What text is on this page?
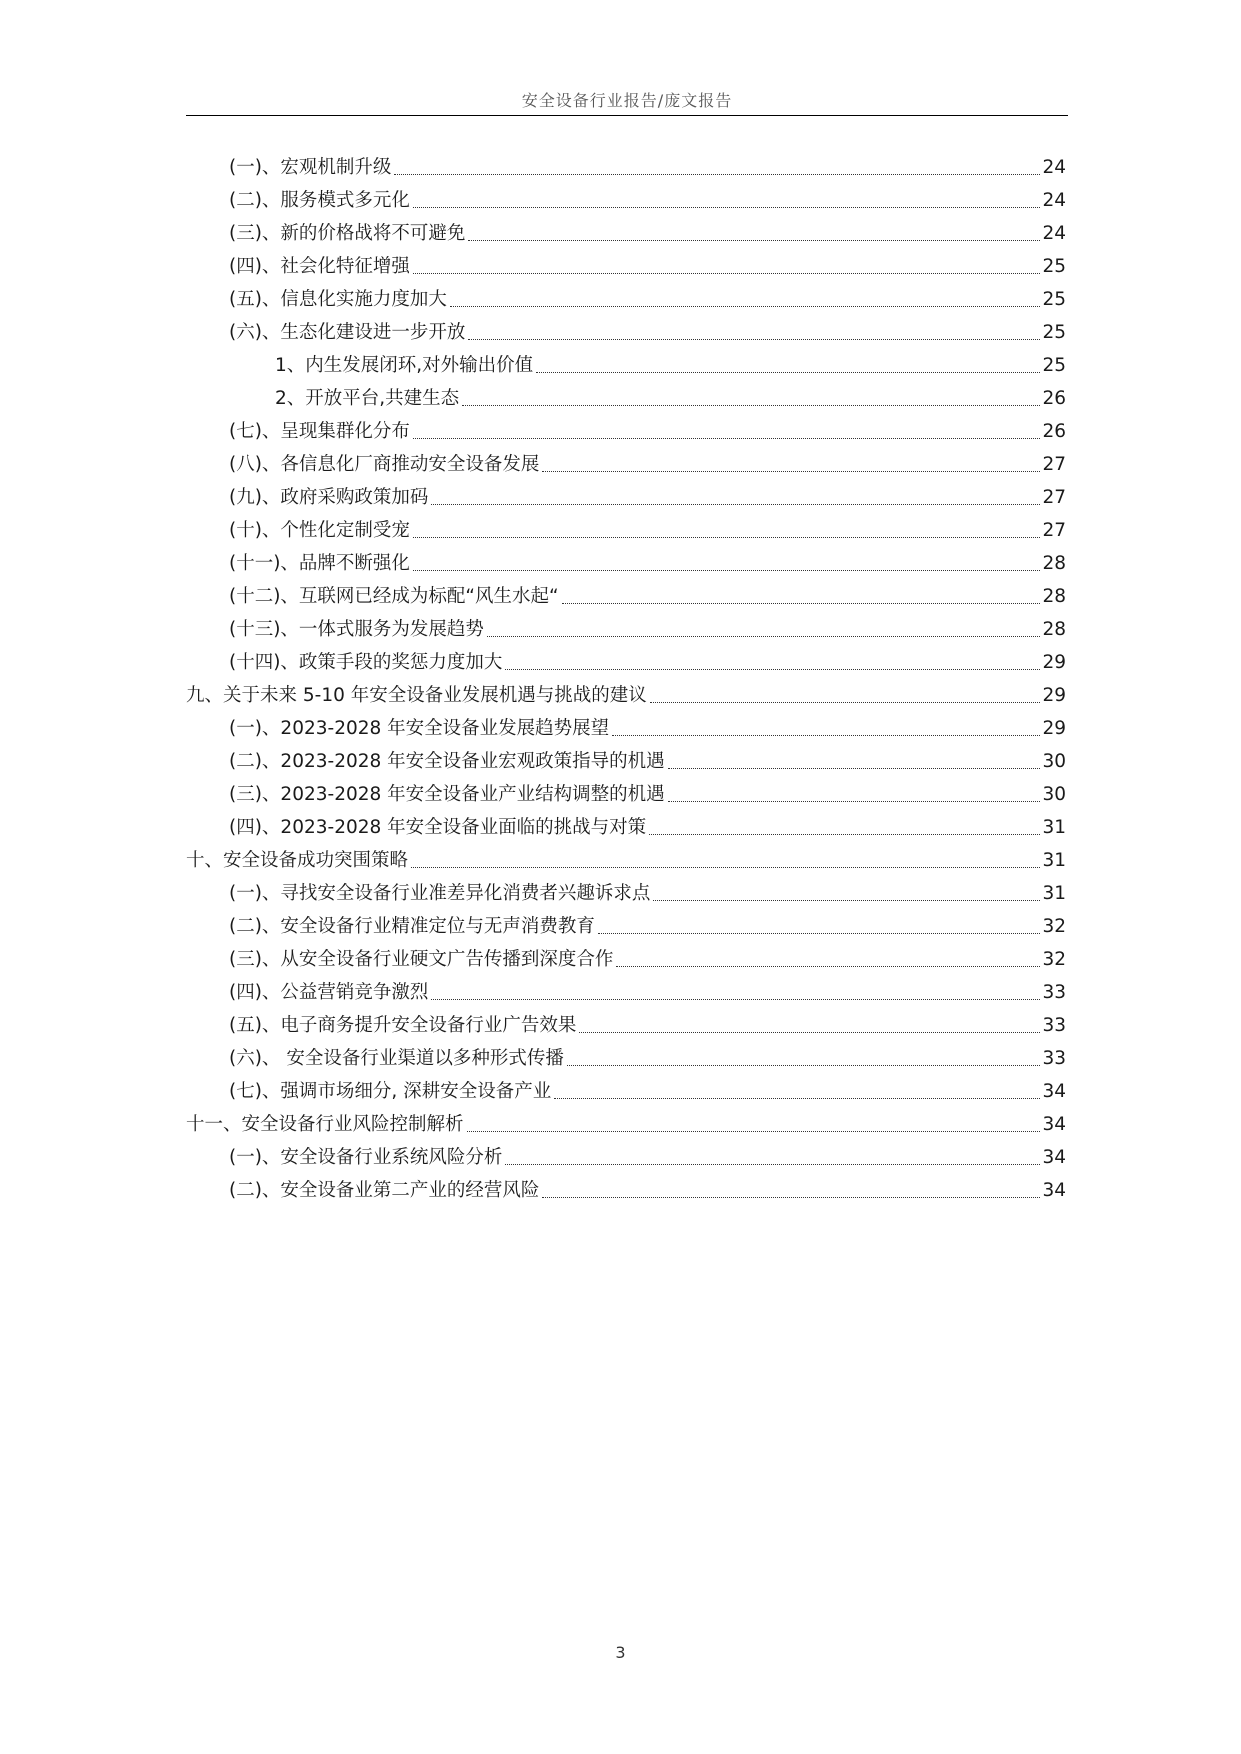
安全设备行业报告/庞文报告
(一)、宏观机制升级	24
(二)、服务模式多元化	24
(三)、新的价格战将不可避免	24
(四)、社会化特征增强	25
(五)、信息化实施力度加大	25
(六)、生态化建设进一步开放	25
1、内生发展闭环,对外输出价值	25
2、开放平台,共建生态	26
(七)、呈现集群化分布	26
(八)、各信息化厂商推动安全设备发展	27
(九)、政府采购政策加码	27
(十)、个性化定制受宠	27
(十一)、品牌不断强化	28
(十二)、互联网已经成为标配“风生水起“	28
(十三)、一体式服务为发展趋势	28
(十四)、政策手段的奖惩力度加大	29
九、关于未来 5-10 年安全设备业发展机遇与挑战的建议	29
(一)、2023-2028 年安全设备业发展趋势展望	29
(二)、2023-2028 年安全设备业宏观政策指导的机遇	30
(三)、2023-2028 年安全设备业产业结构调整的机遇	30
(四)、2023-2028 年安全设备业面临的挑战与对策	31
十、安全设备成功突围策略	31
(一)、寻找安全设备行业准差异化消费者兴趣诉求点	31
(二)、安全设备行业精准定位与无声消费教育	32
(三)、从安全设备行业硬文广告传播到深度合作	32
(四)、公益营销竞争激烈	33
(五)、电子商务提升安全设备行业广告效果	33
(六)、 安全设备行业渠道以多种形式传播	33
(七)、强调市场细分, 深耕安全设备产业	34
十一、安全设备行业风险控制解析	34
(一)、安全设备行业系统风险分析	34
(二)、安全设备业第二产业的经营风险	34
3
